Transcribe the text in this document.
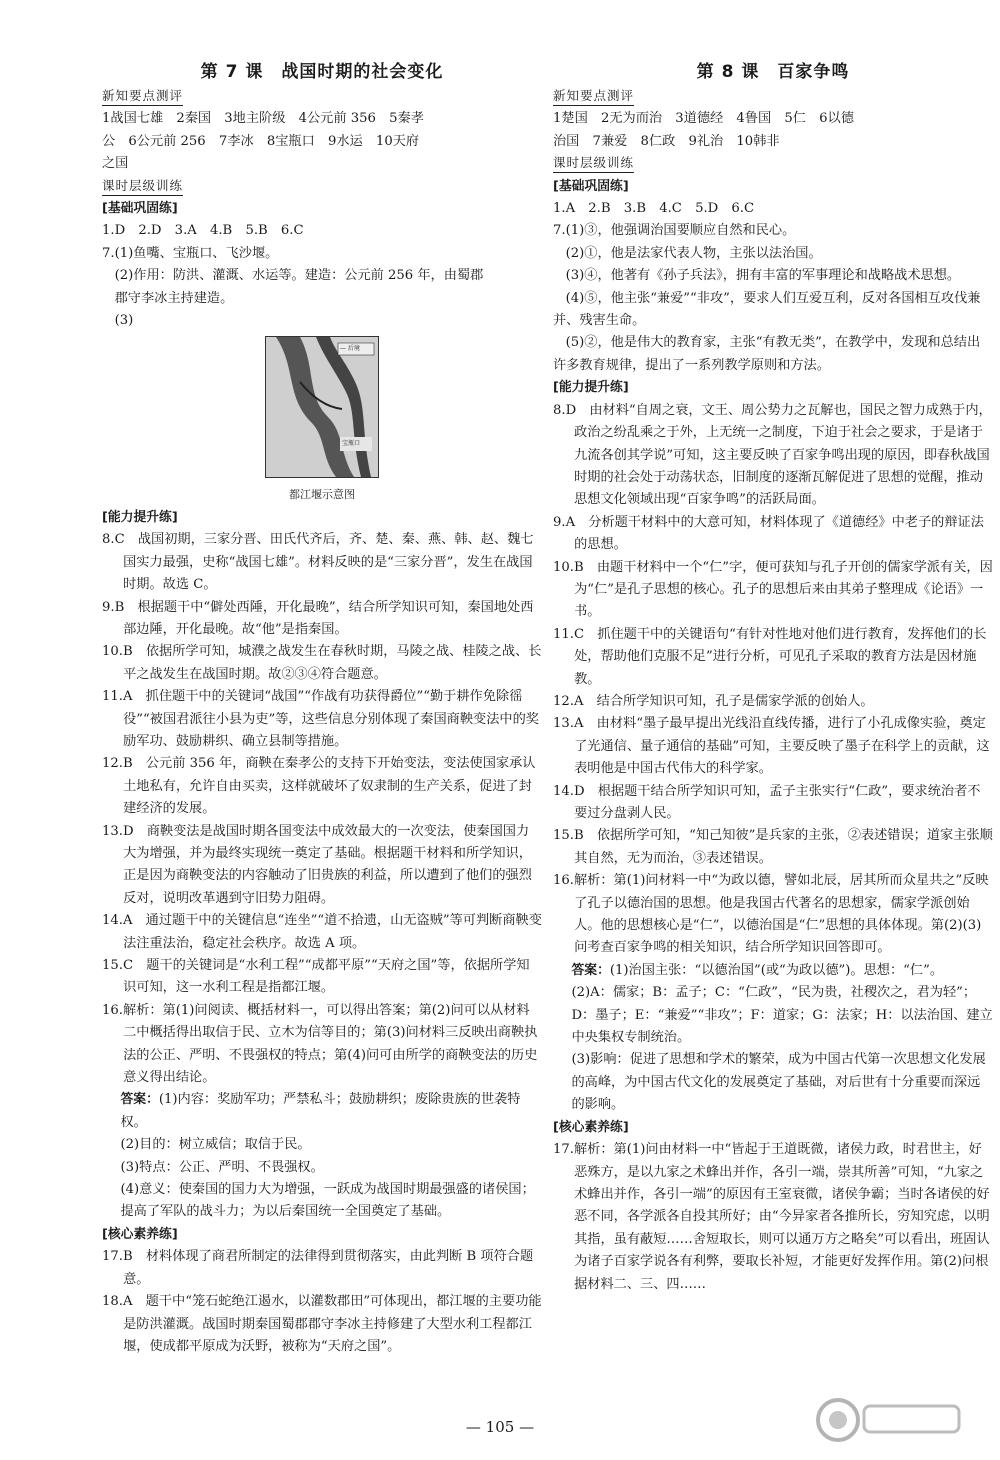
第 7 课　战国时期的社会变化
新知要点测评
1战国七雄　2秦国　3地主阶级　4公元前 356　5秦孝
公　6公元前 256　7李冰　8宝瓶口　9水运　10天府
之国
课时层级训练
[基础巩固练]
1.D　2.D　3.A　4.B　5.B　6.C
7.(1)鱼嘴、宝瓶口、飞沙堰。
(2)作用：防洪、灌溉、水运等。建造：公元前 256 年，由蜀郡
郡守李冰主持建造。
(3)
— 后境
宝瓶口
都江堰示意图
[能力提升练]
8.C　战国初期，三家分晋、田氏代齐后，齐、楚、秦、燕、韩、赵、魏七国实力最强，史称“战国七雄”。材料反映的是“三家分晋”，发生在战国时期。故选 C。
9.B　根据题干中“僻处西陲，开化最晚”，结合所学知识可知，秦国地处西部边陲，开化最晚。故“他”是指秦国。
10.B　依据所学可知，城濮之战发生在春秋时期，马陵之战、桂陵之战、长平之战发生在战国时期。故②③④符合题意。
11.A　抓住题干中的关键词“战国”“作战有功获得爵位”“勤于耕作免除徭役”“被国君派往小县为吏”等，这些信息分别体现了秦国商鞅变法中的奖励军功、鼓励耕织、确立县制等措施。
12.B　公元前 356 年，商鞅在秦孝公的支持下开始变法，变法使国家承认土地私有，允许自由买卖，这样就破坏了奴隶制的生产关系，促进了封建经济的发展。
13.D　商鞅变法是战国时期各国变法中成效最大的一次变法，使秦国国力大为增强，并为最终实现统一奠定了基础。根据题干材料和所学知识，正是因为商鞅变法的内容触动了旧贵族的利益，所以遭到了他们的强烈反对，说明改革遇到守旧势力阻碍。
14.A　通过题干中的关键信息“连坐”“道不拾遗，山无盗贼”等可判断商鞅变法注重法治，稳定社会秩序。故选 A 项。
15.C　题干的关键词是“水利工程”“成都平原”“天府之国”等，依据所学知识可知，这一水利工程是指都江堰。
16.解析：第(1)问阅读、概括材料一，可以得出答案；第(2)问可以从材料二中概括得出取信于民、立木为信等目的；第(3)问材料三反映出商鞅执法的公正、严明、不畏强权的特点；第(4)问可由所学的商鞅变法的历史意义得出结论。
答案：(1)内容：奖励军功；严禁私斗；鼓励耕织；废除贵族的世袭特权。
(2)目的：树立威信；取信于民。
(3)特点：公正、严明、不畏强权。
(4)意义：使秦国的国力大为增强，一跃成为战国时期最强盛的诸侯国；提高了军队的战斗力；为以后秦国统一全国奠定了基础。
[核心素养练]
17.B　材料体现了商君所制定的法律得到贯彻落实，由此判断 B 项符合题意。
18.A　题干中“笼石蛇绝江遏水，以灌数郡田”可体现出，都江堰的主要功能是防洪灌溉。战国时期秦国蜀郡郡守李冰主持修建了大型水利工程都江堰，使成都平原成为沃野，被称为“天府之国”。
第 8 课　百家争鸣
新知要点测评
1楚国　2无为而治　3道德经　4鲁国　5仁　6以德
治国　7兼爱　8仁政　9礼治　10韩非
课时层级训练
[基础巩固练]
1.A　2.B　3.B　4.C　5.D　6.C
7.(1)③，他强调治国要顺应自然和民心。
(2)①，他是法家代表人物，主张以法治国。
(3)④，他著有《孙子兵法》，拥有丰富的军事理论和战略战术思想。
(4)⑤，他主张“兼爱”“非攻”，要求人们互爱互利，反对各国相互攻伐兼并、残害生命。
(5)②，他是伟大的教育家，主张“有教无类”，在教学中，发现和总结出许多教育规律，提出了一系列教学原则和方法。
[能力提升练]
8.D　由材料“自周之衰，文王、周公势力之瓦解也，国民之智力成熟于内，政治之纷乱乘之于外，上无统一之制度，下迫于社会之要求，于是诸于九流各创其学说”可知，这主要反映了百家争鸣出现的原因，即春秋战国时期的社会处于动荡状态，旧制度的逐渐瓦解促进了思想的觉醒，推动思想文化领域出现“百家争鸣”的活跃局面。
9.A　分析题干材料中的大意可知，材料体现了《道德经》中老子的辩证法的思想。
10.B　由题干材料中一个“仁”字，便可获知与孔子开创的儒家学派有关，因为“仁”是孔子思想的核心。孔子的思想后来由其弟子整理成《论语》一书。
11.C　抓住题干中的关键语句“有针对性地对他们进行教育，发挥他们的长处，帮助他们克服不足”进行分析，可见孔子采取的教育方法是因材施教。
12.A　结合所学知识可知，孔子是儒家学派的创始人。
13.A　由材料“墨子最早提出光线沿直线传播，进行了小孔成像实验，奠定了光通信、量子通信的基础”可知，主要反映了墨子在科学上的贡献，这表明他是中国古代伟大的科学家。
14.D　根据题干结合所学知识可知，孟子主张实行“仁政”，要求统治者不要过分盘剥人民。
15.B　依据所学可知，“知己知彼”是兵家的主张，②表述错误；道家主张顺其自然，无为而治，③表述错误。
16.解析：第(1)问材料一中“为政以德，譬如北辰，居其所而众星共之”反映了孔子以德治国的思想。他是我国古代著名的思想家，儒家学派创始人。他的思想核心是“仁”，以德治国是“仁”思想的具体体现。第(2)(3)问考查百家争鸣的相关知识，结合所学知识回答即可。
答案：(1)治国主张：“以德治国”(或“为政以德”)。思想：“仁”。
(2)A：儒家；B：孟子；C：“仁政”，“民为贵，社稷次之，君为轻”；D：墨子；E：“兼爱”“非攻”；F：道家；G：法家；H：以法治国、建立中央集权专制统治。
(3)影响：促进了思想和学术的繁荣，成为中国古代第一次思想文化发展的高峰，为中国古代文化的发展奠定了基础，对后世有十分重要而深远的影响。
[核心素养练]
17.解析：第(1)问由材料一中“皆起于王道既微，诸侯力政，时君世主，好恶殊方，是以九家之术蜂出并作，各引一端，崇其所善”可知，“九家之术蜂出并作，各引一端”的原因有王室衰微，诸侯争霸；当时各诸侯的好恶不同，各学派各自投其所好；由“今异家者各推所长，穷知究虑，以明其指，虽有蔽短……舍短取长，则可以通万方之略矣”可以看出，班固认为诸子百家学说各有利弊，要取长补短，才能更好发挥作用。第(2)问根据材料二、三、四……
— 105 —
